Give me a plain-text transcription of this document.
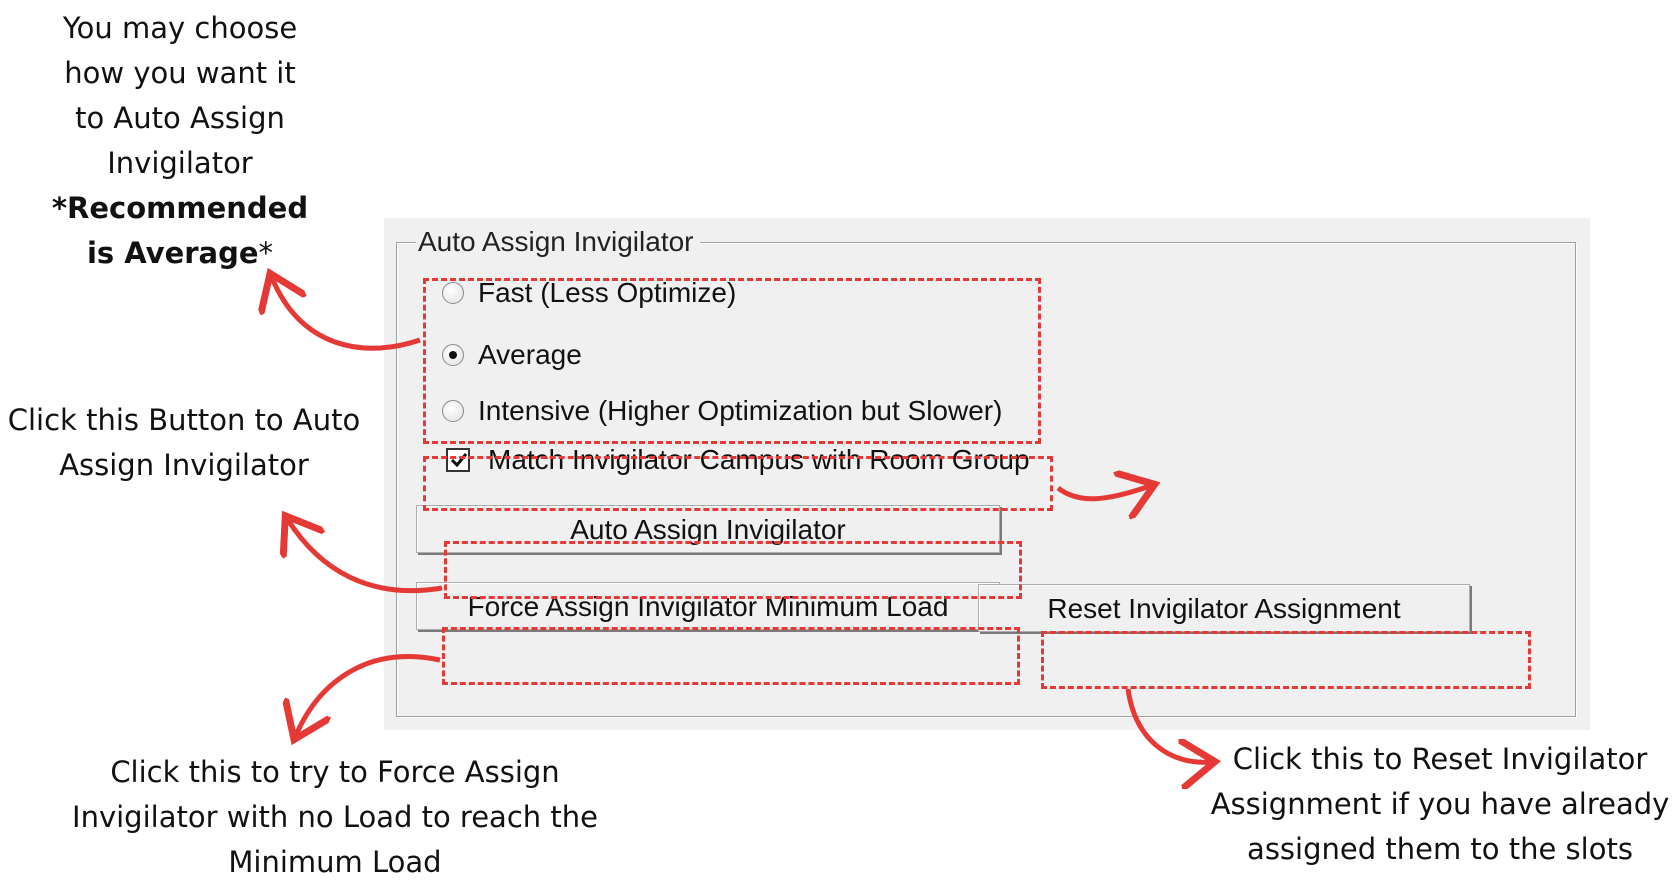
You may choose
how you want it
to Auto Assign
Invigilator
*Recommended
is Average*
Click this Button to Auto
Assign Invigilator
Click this to try to Force Assign
Invigilator with no Load to reach the
Minimum Load
Click this to Reset Invigilator
Assignment if you have already
assigned them to the slots
Auto Assign Invigilator
Fast (Less Optimize)
Average
Intensive (Higher Optimization but Slower)
Match Invigilator Campus with Room Group
Auto Assign Invigilator
Force Assign Invigilator Minimum Load	Reset Invigilator Assignment
